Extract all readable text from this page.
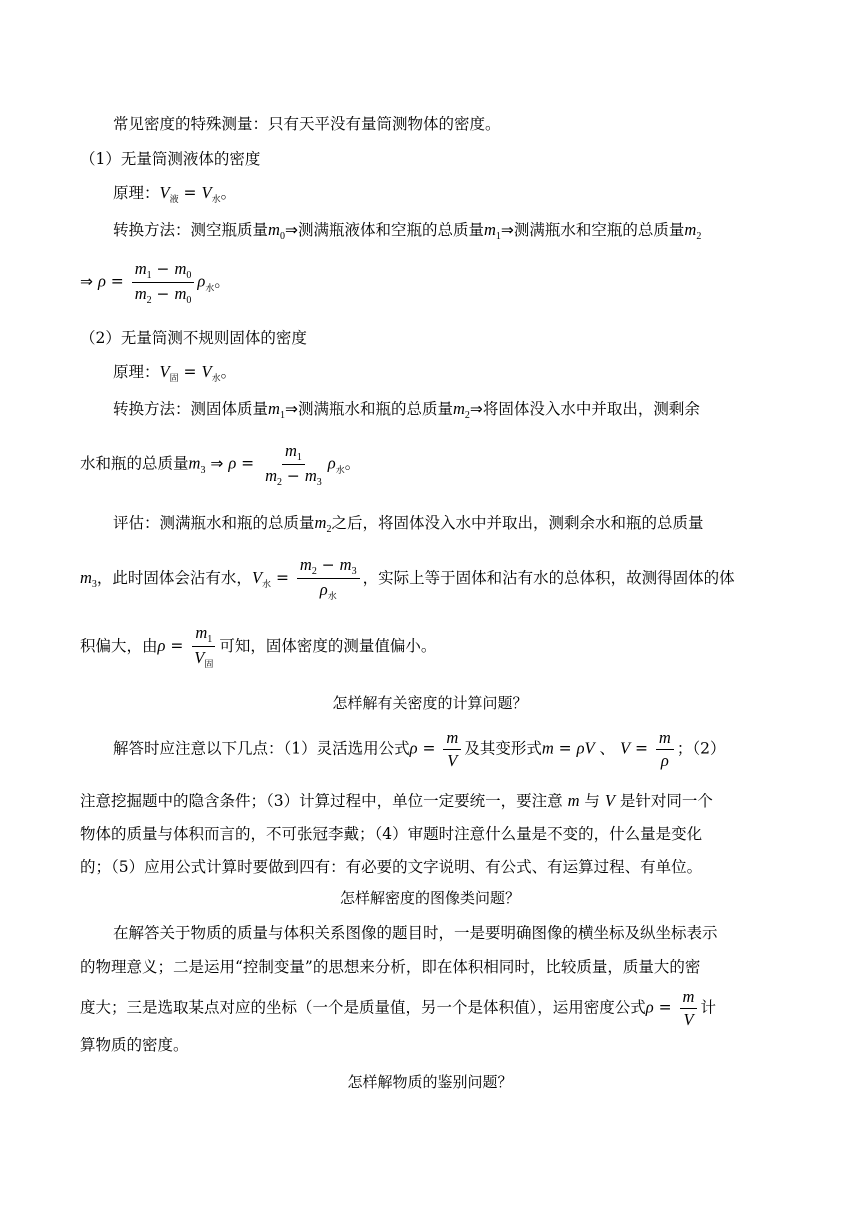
常见密度的特殊测量：只有天平没有量筒测物体的密度。
（1）无量筒测液体的密度
原理：$V_液 = V_水$。
转换方法：测空瓶质量$m_0\Rightarrow$测满瓶液体和空瓶的总质量$m_1\Rightarrow$测满瓶水和空瓶的总质量$m_2$
⇒ $\rho = \frac{m_1 - m_0}{m_2 - m_0} \rho_水$。
（2）无量筒测不规则固体的密度
原理：$V_固 = V_水$。
转换方法：测固体质量$m_1\Rightarrow$测满瓶水和瓶的总质量$m_2\Rightarrow$将固体没入水中并取出，测剩余
水和瓶的总质量$m_3$ ⇒ $\rho = \frac{m_1}{m_2 - m_3} \rho_水$。
评估：测满瓶水和瓶的总质量$m_2$之后，将固体没入水中并取出，测剩余水和瓶的总质量
$m_3$，此时固体会沾有水，$V_水 = \frac{m_2 - m_3}{\rho_水}$ ，实际上等于固体和沾有水的总体积，故测得固体的体
积偏大，由$\rho = \frac{m_1}{V_固}$ 可知，固体密度的测量值偏小。
怎样解有关密度的计算问题？
解答时应注意以下几点：（1）灵活选用公式$\rho = \frac{m}{V}$ 及其变形式m = ρV 、 $V = \frac{m}{\rho}$ ；（2）
注意挖掘题中的隐含条件；（3）计算过程中，单位一定要统一，要注意 m 与 V 是针对同一个
物体的质量与体积而言的，不可张冠李戴；（4）审题时注意什么量是不变的，什么量是变化
的；（5）应用公式计算时要做到四有：有必要的文字说明、有公式、有运算过程、有单位。
怎样解密度的图像类问题？
在解答关于物质的质量与体积关系图像的题目时，一是要明确图像的横坐标及纵坐标表示
的物理意义；二是运用“控制变量”的思想来分析，即在体积相同时，比较质量，质量大的密
度大；三是选取某点对应的坐标（一个是质量值，另一个是体积值），运用密度公式$\rho = \frac{m}{V}$ 计
算物质的密度。
怎样解物质的鉴别问题？
